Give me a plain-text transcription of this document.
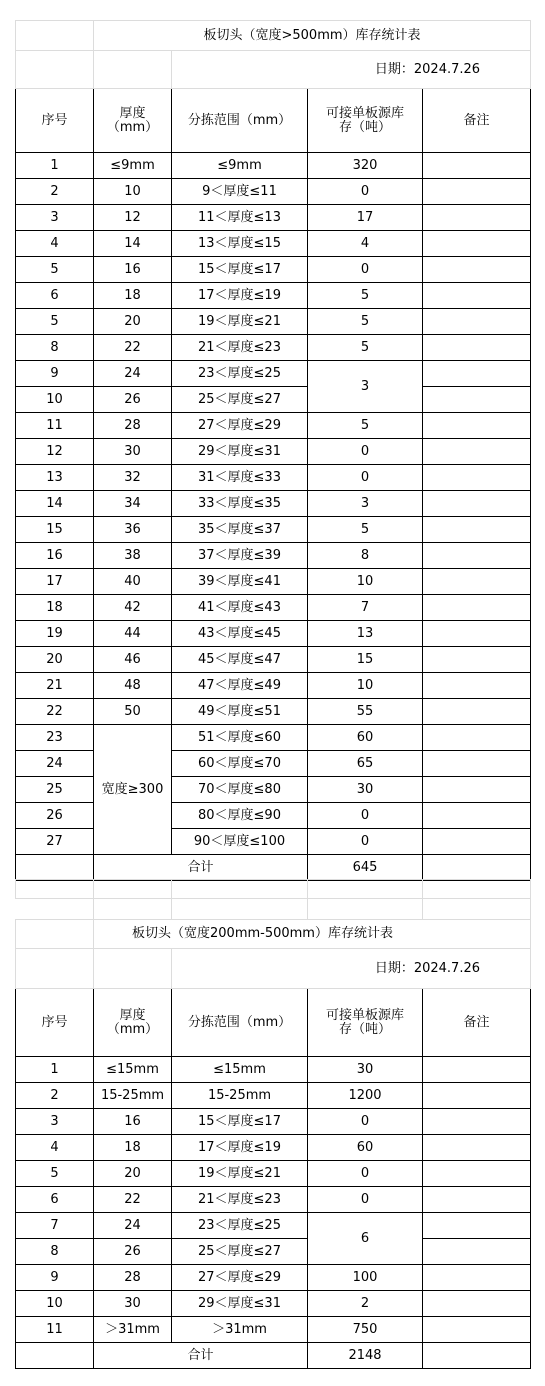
	板切头（宽度>500mm）库存统计表			
		日期：2024.7.26		
序号	厚度
（mm）	分拣范围（mm）	可接单板源库
存（吨）	备注
1	≤9mm	≤9mm	320	
2	10	9＜厚度≤11	0	
3	12	11＜厚度≤13	17	
4	14	13＜厚度≤15	4	
5	16	15＜厚度≤17	0	
6	18	17＜厚度≤19	5	
5	20	19＜厚度≤21	5	
8	22	21＜厚度≤23	5	
9	24	23＜厚度≤25	3	
10	26	25＜厚度≤27		
11	28	27＜厚度≤29	5	
12	30	29＜厚度≤31	0	
13	32	31＜厚度≤33	0	
14	34	33＜厚度≤35	3	
15	36	35＜厚度≤37	5	
16	38	37＜厚度≤39	8	
17	40	39＜厚度≤41	10	
18	42	41＜厚度≤43	7	
19	44	43＜厚度≤45	13	
20	46	45＜厚度≤47	15	
21	48	47＜厚度≤49	10	
22	50	49＜厚度≤51	55	
23	宽度≥300	51＜厚度≤60	60	
24		60＜厚度≤70	65	
25		70＜厚度≤80	30	
26		80＜厚度≤90	0	
27		90＜厚度≤100	0	
	合计		645	

	板切头（宽度200mm-500mm）库存统计表			
		日期：2024.7.26		
序号	厚度
（mm）	分拣范围（mm）	可接单板源库
存（吨）	备注
1	≤15mm	≤15mm	30	
2	15-25mm	15-25mm	1200	
3	16	15＜厚度≤17	0	
4	18	17＜厚度≤19	60	
5	20	19＜厚度≤21	0	
6	22	21＜厚度≤23	0	
7	24	23＜厚度≤25	6	
8	26	25＜厚度≤27		
9	28	27＜厚度≤29	100	
10	30	29＜厚度≤31	2	
11	＞31mm	＞31mm	750	
	合计		2148	
